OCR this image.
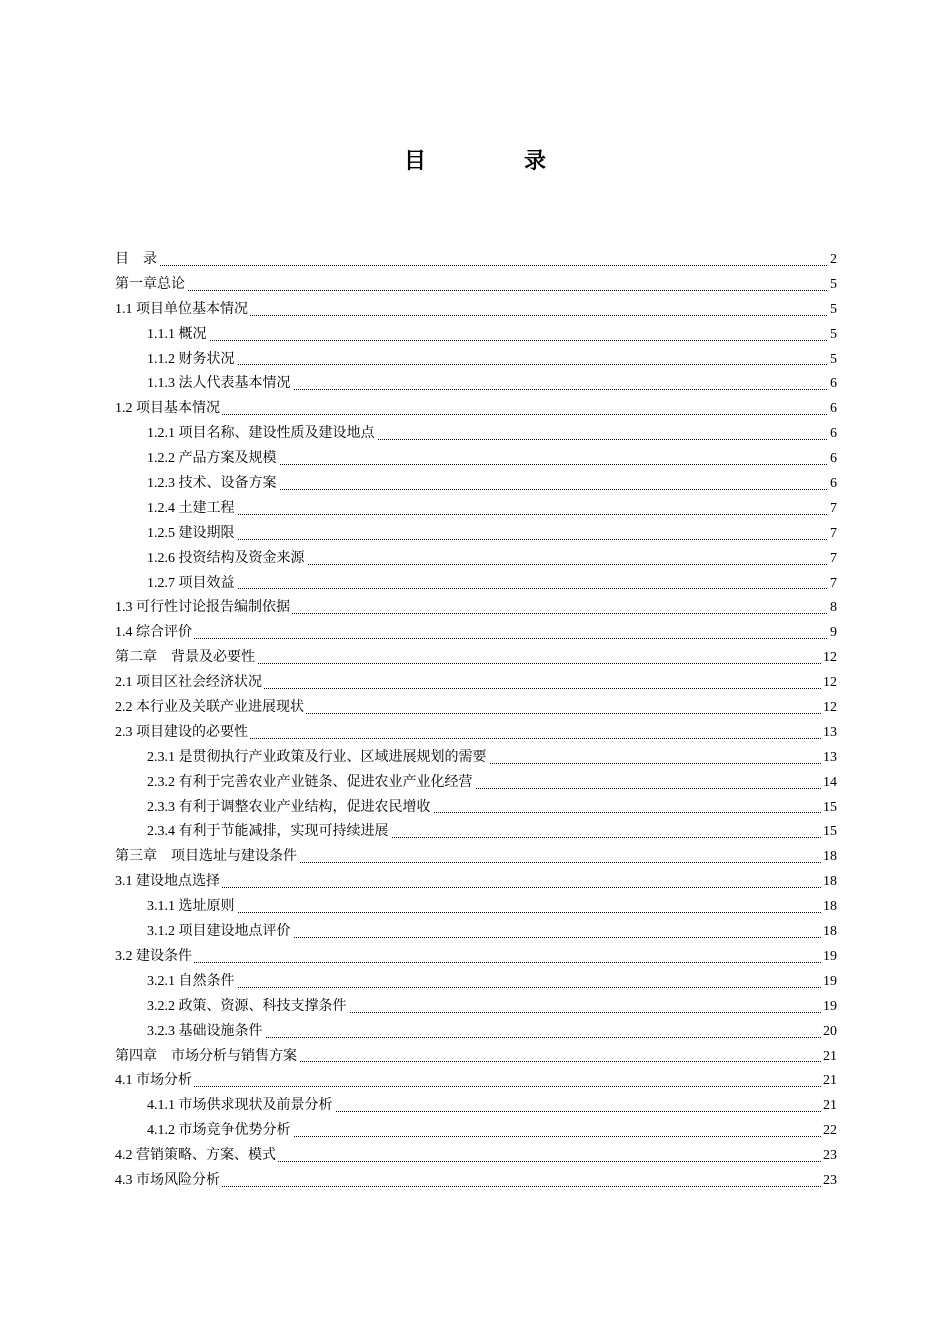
目　录
目　录	2
第一章总论	5
1.1 项目单位基本情况	5
1.1.1 概况	5
1.1.2 财务状况	5
1.1.3 法人代表基本情况	6
1.2 项目基本情况	6
1.2.1 项目名称、建设性质及建设地点	6
1.2.2 产品方案及规模	6
1.2.3 技术、设备方案	6
1.2.4 土建工程	7
1.2.5 建设期限	7
1.2.6 投资结构及资金来源	7
1.2.7 项目效益	7
1.3 可行性讨论报告编制依据	8
1.4 综合评价	9
第二章　背景及必要性	12
2.1 项目区社会经济状况	12
2.2 本行业及关联产业进展现状	12
2.3 项目建设的必要性	13
2.3.1 是贯彻执行产业政策及行业、区域进展规划的需要	13
2.3.2 有利于完善农业产业链条、促进农业产业化经营	14
2.3.3 有利于调整农业产业结构，促进农民增收	15
2.3.4 有利于节能减排，实现可持续进展	15
第三章　项目选址与建设条件	18
3.1 建设地点选择	18
3.1.1 选址原则	18
3.1.2 项目建设地点评价	18
3.2 建设条件	19
3.2.1 自然条件	19
3.2.2 政策、资源、科技支撑条件	19
3.2.3 基础设施条件	20
第四章　市场分析与销售方案	21
4.1 市场分析	21
4.1.1 市场供求现状及前景分析	21
4.1.2 市场竞争优势分析	22
4.2 营销策略、方案、模式	23
4.3 市场风险分析	23
